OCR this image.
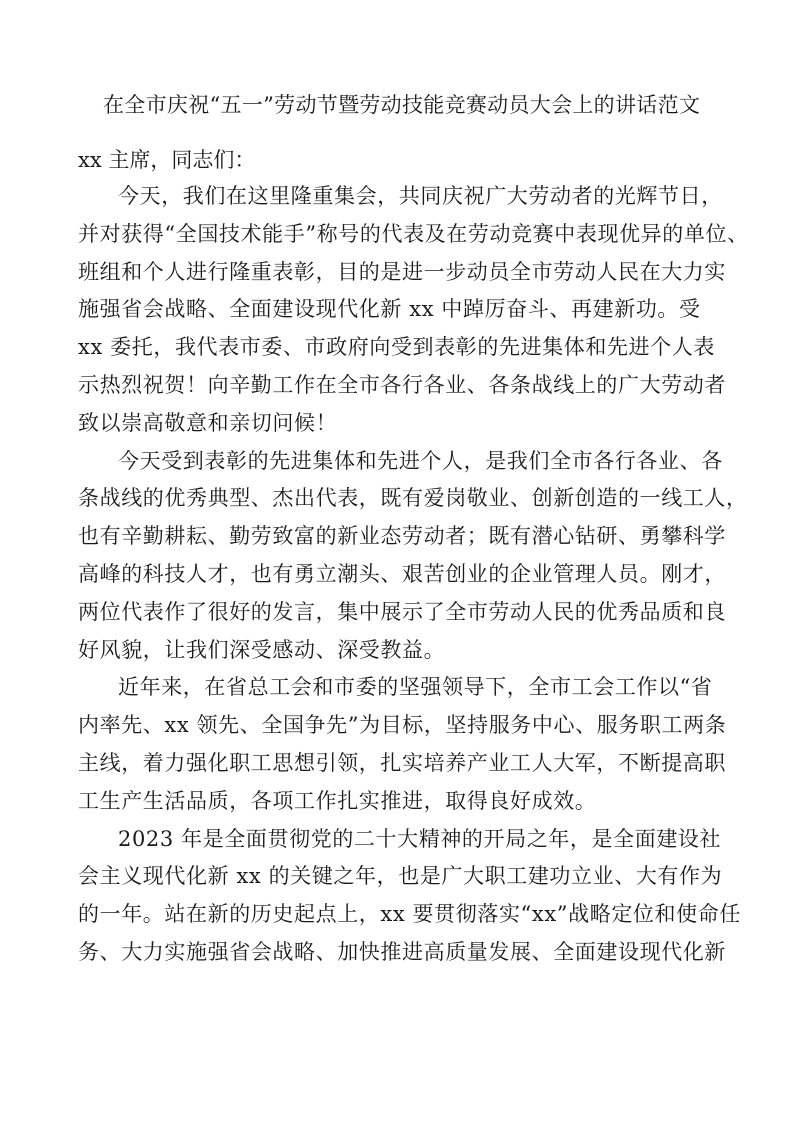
在全市庆祝“五一”劳动节暨劳动技能竞赛动员大会上的讲话范文
xx 主席，同志们：
今天，我们在这里隆重集会，共同庆祝广大劳动者的光辉节日，
并对获得“全国技术能手”称号的代表及在劳动竞赛中表现优异的单位、
班组和个人进行隆重表彰，目的是进一步动员全市劳动人民在大力实
施强省会战略、全面建设现代化新 xx 中踔厉奋斗、再建新功。受
xx 委托，我代表市委、市政府向受到表彰的先进集体和先进个人表
示热烈祝贺！向辛勤工作在全市各行各业、各条战线上的广大劳动者
致以崇高敬意和亲切问候！
今天受到表彰的先进集体和先进个人，是我们全市各行各业、各
条战线的优秀典型、杰出代表，既有爱岗敬业、创新创造的一线工人，
也有辛勤耕耘、勤劳致富的新业态劳动者；既有潜心钻研、勇攀科学
高峰的科技人才，也有勇立潮头、艰苦创业的企业管理人员。刚才，
两位代表作了很好的发言，集中展示了全市劳动人民的优秀品质和良
好风貌，让我们深受感动、深受教益。
近年来，在省总工会和市委的坚强领导下，全市工会工作以“省
内率先、xx 领先、全国争先”为目标，坚持服务中心、服务职工两条
主线，着力强化职工思想引领，扎实培养产业工人大军，不断提高职
工生产生活品质，各项工作扎实推进，取得良好成效。
2023 年是全面贯彻党的二十大精神的开局之年，是全面建设社
会主义现代化新 xx 的关键之年，也是广大职工建功立业、大有作为
的一年。站在新的历史起点上，xx 要贯彻落实“xx”战略定位和使命任
务、大力实施强省会战略、加快推进高质量发展、全面建设现代化新
